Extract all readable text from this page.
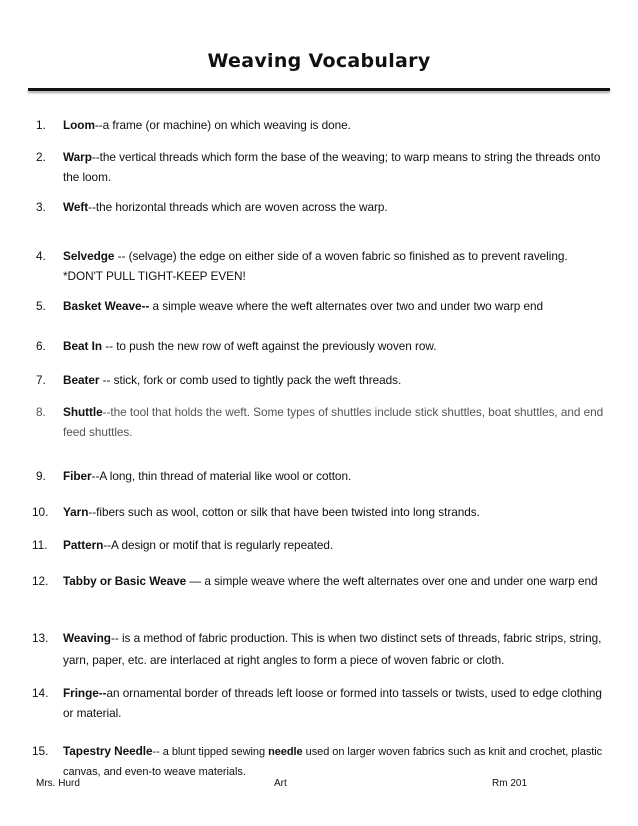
Weaving Vocabulary
1.	Loom--a frame (or machine) on which weaving is done.
2.	Warp--the vertical threads which form the base of the weaving; to warp means to string the threads onto the loom.
3.	Weft--the horizontal threads which are woven across the warp.
4.	Selvedge -- (selvage) the edge on either side of a woven fabric so finished as to prevent raveling.
*DON'T PULL TIGHT-KEEP EVEN!
5.	Basket Weave-- a simple weave where the weft alternates over two and under two warp end
6.	Beat In -- to push the new row of weft against the previously woven row.
7.	Beater -- stick, fork or comb used to tightly pack the weft threads.
8.	Shuttle--the tool that holds the weft. Some types of shuttles include stick shuttles, boat shuttles, and end feed shuttles.
9.	Fiber--A long, thin thread of material like wool or cotton.
10.	Yarn--fibers such as wool, cotton or silk that have been twisted into long strands.
11.	Pattern--A design or motif that is regularly repeated.
12.	Tabby or Basic Weave — a simple weave where the weft alternates over one and under one warp end
13.	Weaving-- is a method of fabric production. This is when two distinct sets of threads, fabric strips, string, yarn, paper, etc. are interlaced at right angles to form a piece of woven fabric or cloth.
14.	Fringe--an ornamental border of threads left loose or formed into tassels or twists, used to edge clothing or material.
15.	Tapestry Needle-- a blunt tipped sewing needle used on larger woven fabrics such as knit and crochet, plastic canvas, and even-to weave materials.
Mrs. Hurd	Art	Rm 201
